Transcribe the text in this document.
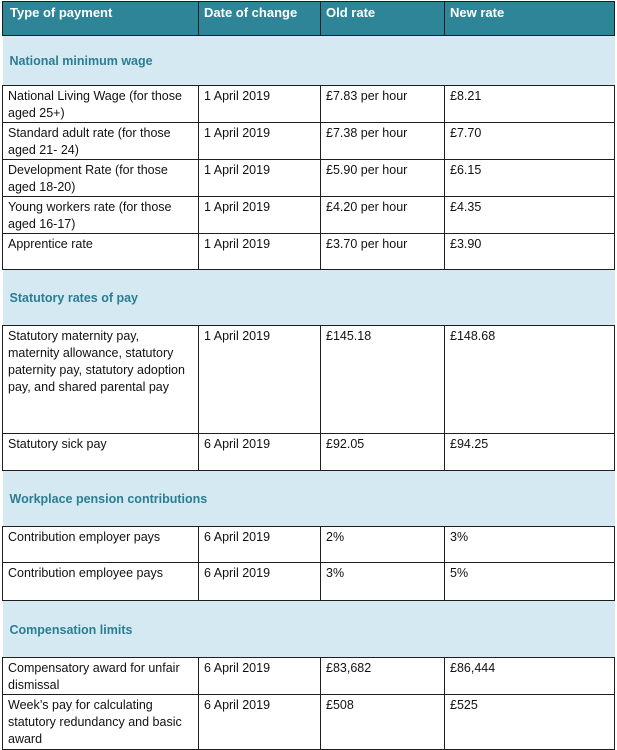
Type of payment	Date of change	Old rate	New rate
National minimum wage			
National Living Wage (for those aged 25+)	1 April 2019	£7.83 per hour	£8.21
Standard adult rate (for those aged 21- 24)	1 April 2019	£7.38 per hour	£7.70
Development Rate (for those aged 18-20)	1 April 2019	£5.90 per hour	£6.15
Young workers rate (for those aged 16-17)	1 April 2019	£4.20 per hour	£4.35
Apprentice rate	1 April 2019	£3.70 per hour	£3.90
Statutory rates of pay			
Statutory maternity pay, maternity allowance, statutory paternity pay, statutory adoption pay, and shared parental pay	1 April 2019	£145.18	£148.68
Statutory sick pay	6 April 2019	£92.05	£94.25
Workplace pension contributions			
Contribution employer pays	6 April 2019	2%	3%
Contribution employee pays	6 April 2019	3%	5%
Compensation limits			
Compensatory award for unfair dismissal	6 April 2019	£83,682	£86,444
Week’s pay for calculating statutory redundancy and basic award	6 April 2019	£508	£525
